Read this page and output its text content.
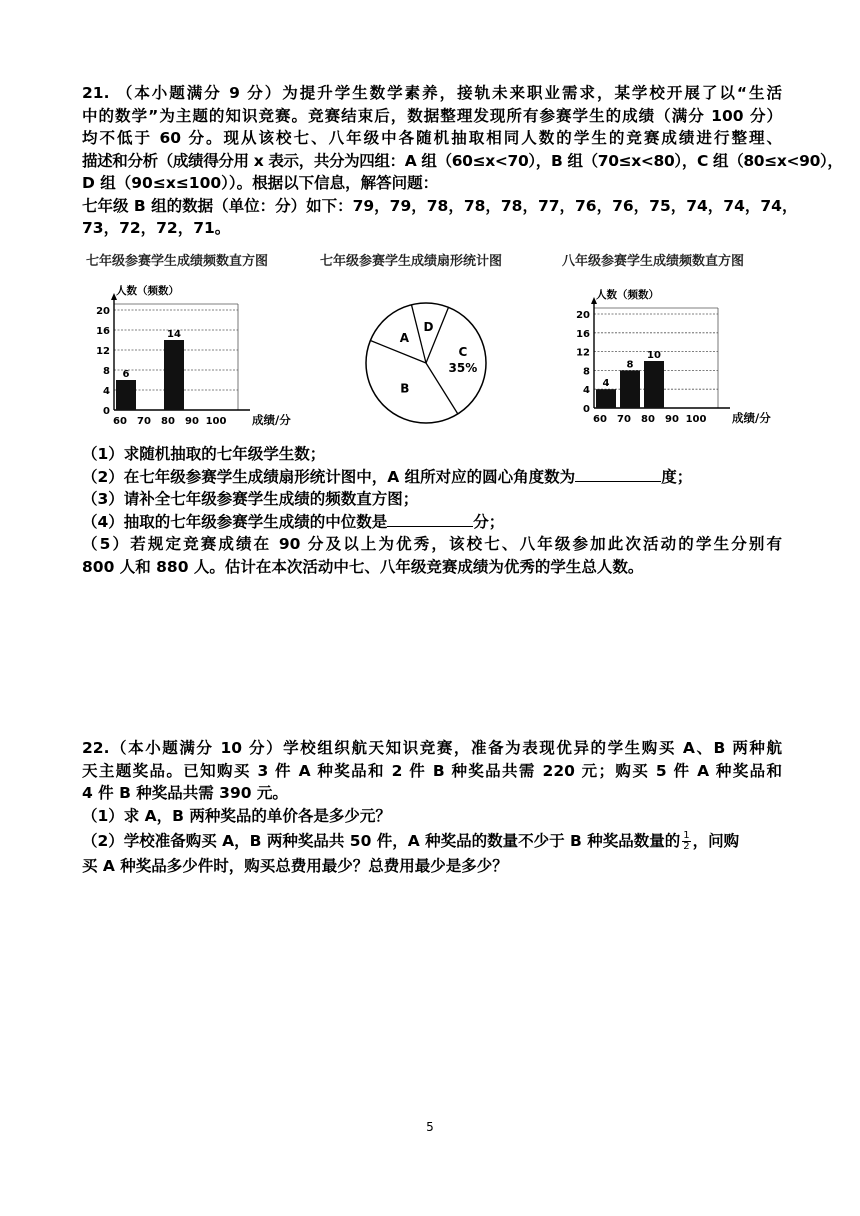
21. （本小题满分 9 分）为提升学生数学素养，接轨未来职业需求，某学校开展了以“生活
中的数学”为主题的知识竞赛。竞赛结束后，数据整理发现所有参赛学生的成绩（满分 100 分）
均不低于 60 分。现从该校七、八年级中各随机抽取相同人数的学生的竞赛成绩进行整理、
描述和分析（成绩得分用 x 表示，共分为四组：A 组（60≤x<70），B 组（70≤x<80），C 组（80≤x<90），
D 组（90≤x≤100））。根据以下信息，解答问题：
七年级 B 组的数据（单位：分）如下：79，79，78，78，78，77，76，76，75，74，74，74，
73，72，72，71。
七年级参赛学生成绩频数直方图	七年级参赛学生成绩扇形统计图	八年级参赛学生成绩频数直方图
0
4
8
12
16
20
人数（频数）
6
14
60 70 80 90 100 成绩/分
D
C
35%
B
A
0
4
8
12
16
20
人数（频数）
4
8
10
60 70 80 90 100 成绩/分
（1）求随机抽取的七年级学生数；
（2）在七年级参赛学生成绩扇形统计图中，A 组所对应的圆心角度数为	度；
（3）请补全七年级参赛学生成绩的频数直方图；
（4）抽取的七年级参赛学生成绩的中位数是	分；
（5）若规定竞赛成绩在 90 分及以上为优秀，该校七、八年级参加此次活动的学生分别有
800 人和 880 人。估计在本次活动中七、八年级竞赛成绩为优秀的学生总人数。
22.（本小题满分 10 分）学校组织航天知识竞赛，准备为表现优异的学生购买 A、B 两种航
天主题奖品。已知购买 3 件 A 种奖品和 2 件 B 种奖品共需 220 元；购买 5 件 A 种奖品和
4 件 B 种奖品共需 390 元。
（1）求 A，B 两种奖品的单价各是多少元？
（2）学校准备购买 A，B 两种奖品共 50 件，A 种奖品的数量不少于 B 种奖品数量的 $\frac{1}{2}$ ，问购
买 A 种奖品多少件时，购买总费用最少？总费用最少是多少？
5
